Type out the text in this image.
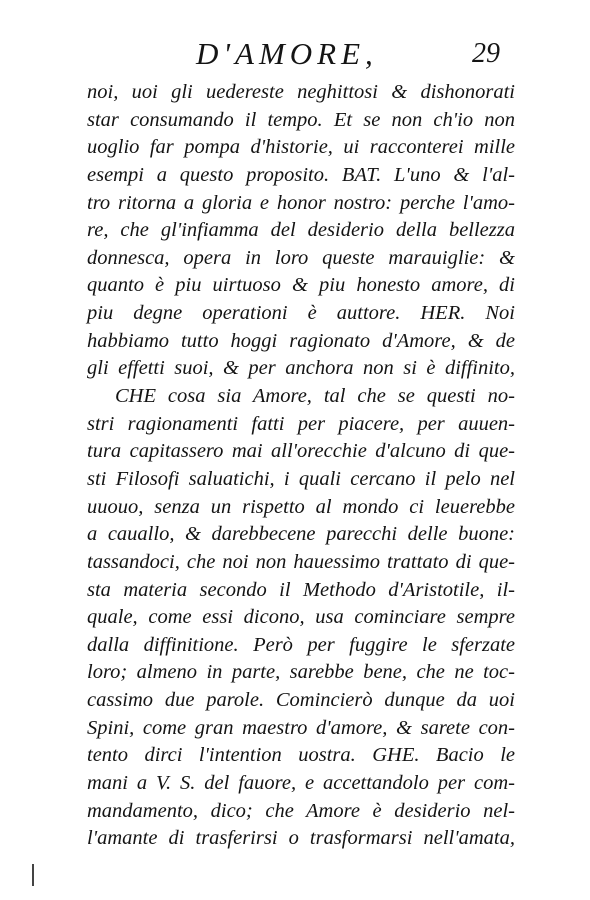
D'AMORE,	29
noi, uoi gli uedereste neghittosi & dishonorati
star consumando il tempo. Et se non ch'io non
uoglio far pompa d'historie, ui racconterei mille
esempi a questo proposito. BAT. L'uno & l'al-
tro ritorna a gloria e honor nostro: perche l'amo-
re, che gl'infiamma del desiderio della bellezza
donnesca, opera in loro queste marauiglie: &
quanto è piu uirtuoso & piu honesto amore, di
piu degne operationi è auttore. HER. Noi
habbiamo tutto hoggi ragionato d'Amore, & de
gli effetti suoi, & per anchora non si è diffinito,
CHE cosa sia Amore, tal che se questi no-
stri ragionamenti fatti per piacere, per auuen-
tura capitassero mai all'orecchie d'alcuno di que-
sti Filosofi saluatichi, i quali cercano il pelo nel
uuouo, senza un rispetto al mondo ci leuerebbe
a cauallo, & darebbecene parecchi delle buone:
tassandoci, che noi non hauessimo trattato di que-
sta materia secondo il Methodo d'Aristotile, il-
quale, come essi dicono, usa cominciare sempre
dalla diffinitione. Però per fuggire le sferzate
loro; almeno in parte, sarebbe bene, che ne toc-
cassimo due parole. Comincierò dunque da uoi
Spini, come gran maestro d'amore, & sarete con-
tento dirci l'intention uostra. GHE. Bacio le
mani a V. S. del fauore, e accettandolo per com-
mandamento, dico; che Amore è desiderio nel-
l'amante di trasferirsi o trasformarsi nell'amata,
